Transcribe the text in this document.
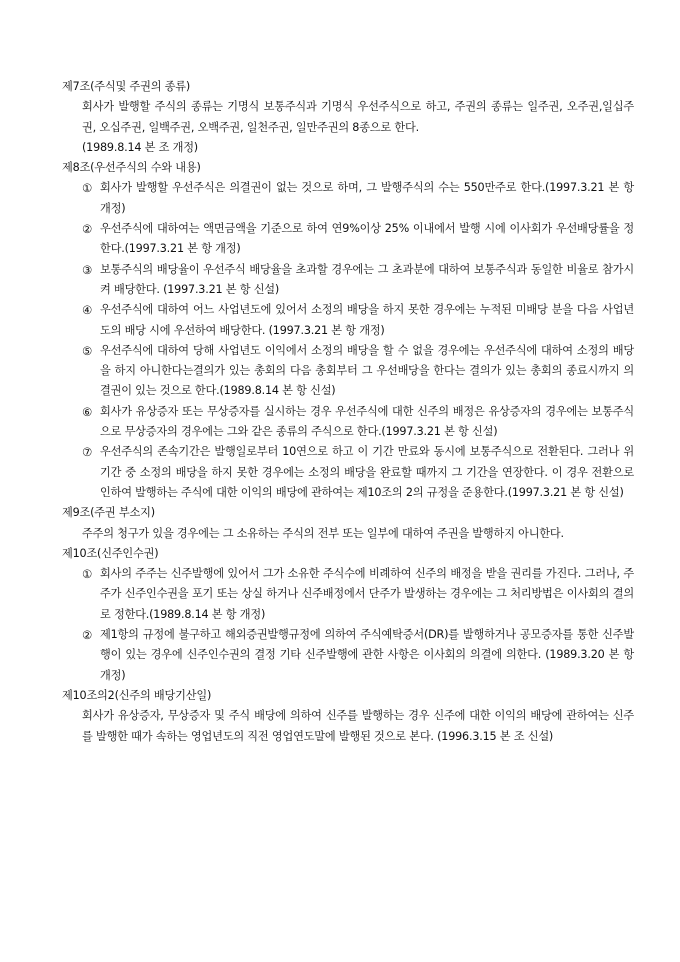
제7조(주식및 주권의 종류)

회사가 발행할 주식의 종류는 기명식 보통주식과 기명식 우선주식으로 하고, 주권의 종류는 일주권, 오주권,일십주권, 오십주권, 일백주권, 오백주권, 일천주권, 일만주권의 8종으로 한다.
(1989.8.14 본 조 개정)

제8조(우선주식의 수와 내용)

① 회사가 발행할 우선주식은 의결권이 없는 것으로 하며, 그 발행주식의 수는 550만주로 한다.(1997.3.21 본 항 개정)
② 우선주식에 대하여는 액면금액을 기준으로 하여 연9%이상 25% 이내에서 발행 시에 이사회가 우선배당률을 정한다.(1997.3.21 본 항 개정)
③ 보통주식의 배당율이 우선주식 배당율을 초과할 경우에는 그 초과분에 대하여 보통주식과 동일한 비율로 참가시켜 배당한다. (1997.3.21 본 항 신설)
④ 우선주식에 대하여 어느 사업년도에 있어서 소정의 배당을 하지 못한 경우에는 누적된 미배당 분을 다음 사업년도의 배당 시에 우선하여 배당한다. (1997.3.21 본 항 개정)
⑤ 우선주식에 대하여 당해 사업년도 이익에서 소정의 배당을 할 수 없을 경우에는 우선주식에 대하여 소정의 배당을 하지 아니한다는결의가 있는 총회의 다음 총회부터 그 우선배당을 한다는 결의가 있는 총회의 종료시까지 의결권이 있는 것으로 한다.(1989.8.14 본 항 신설)
⑥ 회사가 유상증자 또는 무상증자를 실시하는 경우 우선주식에 대한 신주의 배정은 유상증자의 경우에는 보통주식으로 무상증자의 경우에는 그와 같은 종류의 주식으로 한다.(1997.3.21 본 항 신설)
⑦ 우선주식의 존속기간은 발행일로부터 10연으로 하고 이 기간 만료와 동시에 보통주식으로 전환된다. 그러나 위 기간 중 소정의 배당을 하지 못한 경우에는 소정의 배당을 완료할 때까지 그 기간을 연장한다. 이 경우 전환으로 인하여 발행하는 주식에 대한 이익의 배당에 관하여는 제10조의 2의 규정을 준용한다.(1997.3.21 본 항 신설)

제9조(주권 부소지)

주주의 청구가 있을 경우에는 그 소유하는 주식의 전부 또는 일부에 대하여 주권을 발행하지 아니한다.

제10조(신주인수권)

① 회사의 주주는 신주발행에 있어서 그가 소유한 주식수에 비례하여 신주의 배정을 받을 권리를 가진다. 그러나, 주주가 신주인수권을 포기 또는 상실 하거나 신주배정에서 단주가 발생하는 경우에는 그 처리방법은 이사회의 결의로 정한다.(1989.8.14 본 항 개정)
② 제1항의 규정에 불구하고 해외증권발행규정에 의하여 주식예탁증서(DR)를 발행하거나 공모증자를 통한 신주발행이 있는 경우에 신주인수권의 결정 기타 신주발행에 관한 사항은 이사회의 의결에 의한다. (1989.3.20 본 항 개정)

제10조의2(신주의 배당기산일)

회사가 유상증자, 무상증자 및 주식 배당에 의하여 신주를 발행하는 경우 신주에 대한 이익의 배당에 관하여는 신주를 발행한 때가 속하는 영업년도의 직전 영업연도말에 발행된 것으로 본다. (1996.3.15 본 조 신설)
